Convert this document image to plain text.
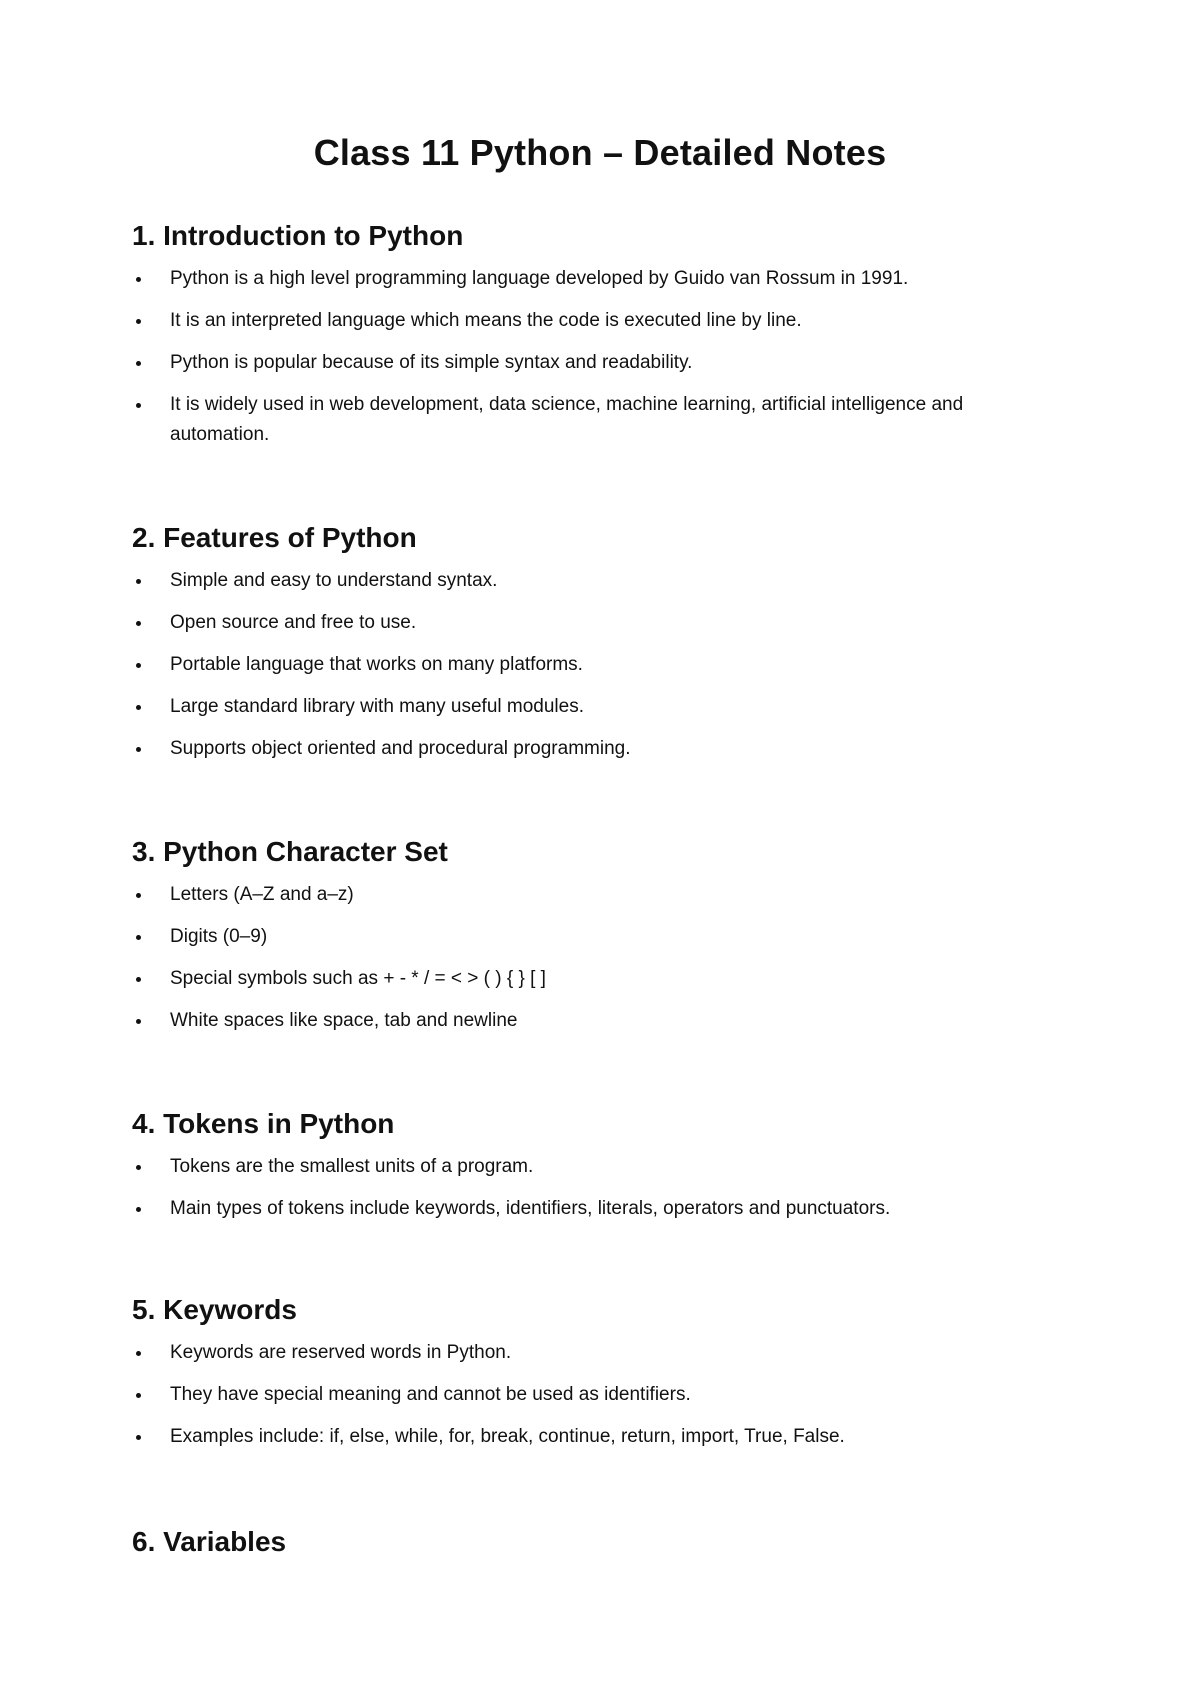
Class 11 Python – Detailed Notes
1. Introduction to Python
Python is a high level programming language developed by Guido van Rossum in 1991.
It is an interpreted language which means the code is executed line by line.
Python is popular because of its simple syntax and readability.
It is widely used in web development, data science, machine learning, artificial intelligence and automation.
2. Features of Python
Simple and easy to understand syntax.
Open source and free to use.
Portable language that works on many platforms.
Large standard library with many useful modules.
Supports object oriented and procedural programming.
3. Python Character Set
Letters (A–Z and a–z)
Digits (0–9)
Special symbols such as + - * / = < > ( ) { } [ ]
White spaces like space, tab and newline
4. Tokens in Python
Tokens are the smallest units of a program.
Main types of tokens include keywords, identifiers, literals, operators and punctuators.
5. Keywords
Keywords are reserved words in Python.
They have special meaning and cannot be used as identifiers.
Examples include: if, else, while, for, break, continue, return, import, True, False.
6. Variables
